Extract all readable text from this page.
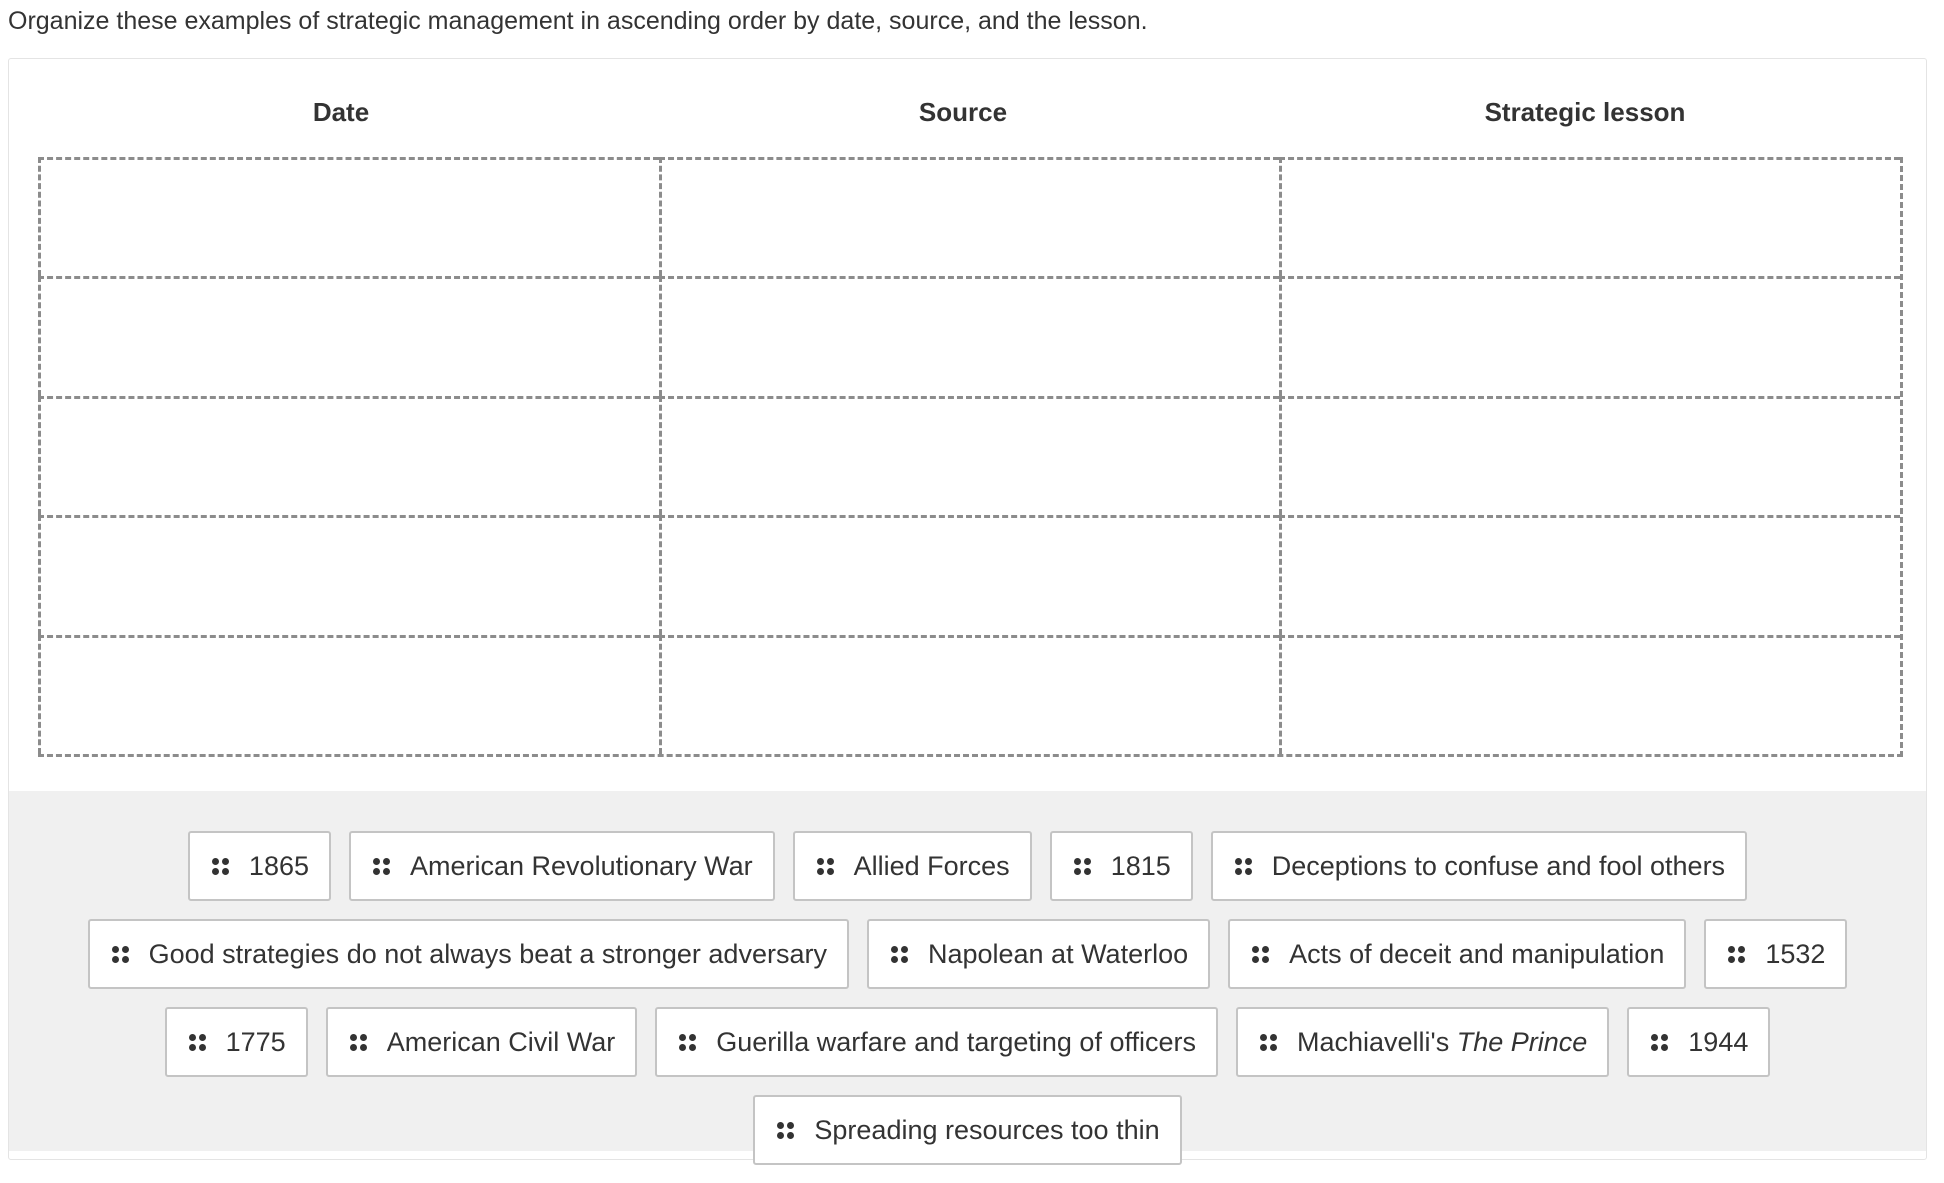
Organize these examples of strategic management in ascending order by date, source, and the lesson.
Date	Source	Strategic lesson
1865	American Revolutionary War	Allied Forces	1815	Deceptions to confuse and fool others
Good strategies do not always beat a stronger adversary	Napolean at Waterloo	Acts of deceit and manipulation	1532
1775	American Civil War	Guerilla warfare and targeting of officers	Machiavelli's The Prince	1944
Spreading resources too thin
